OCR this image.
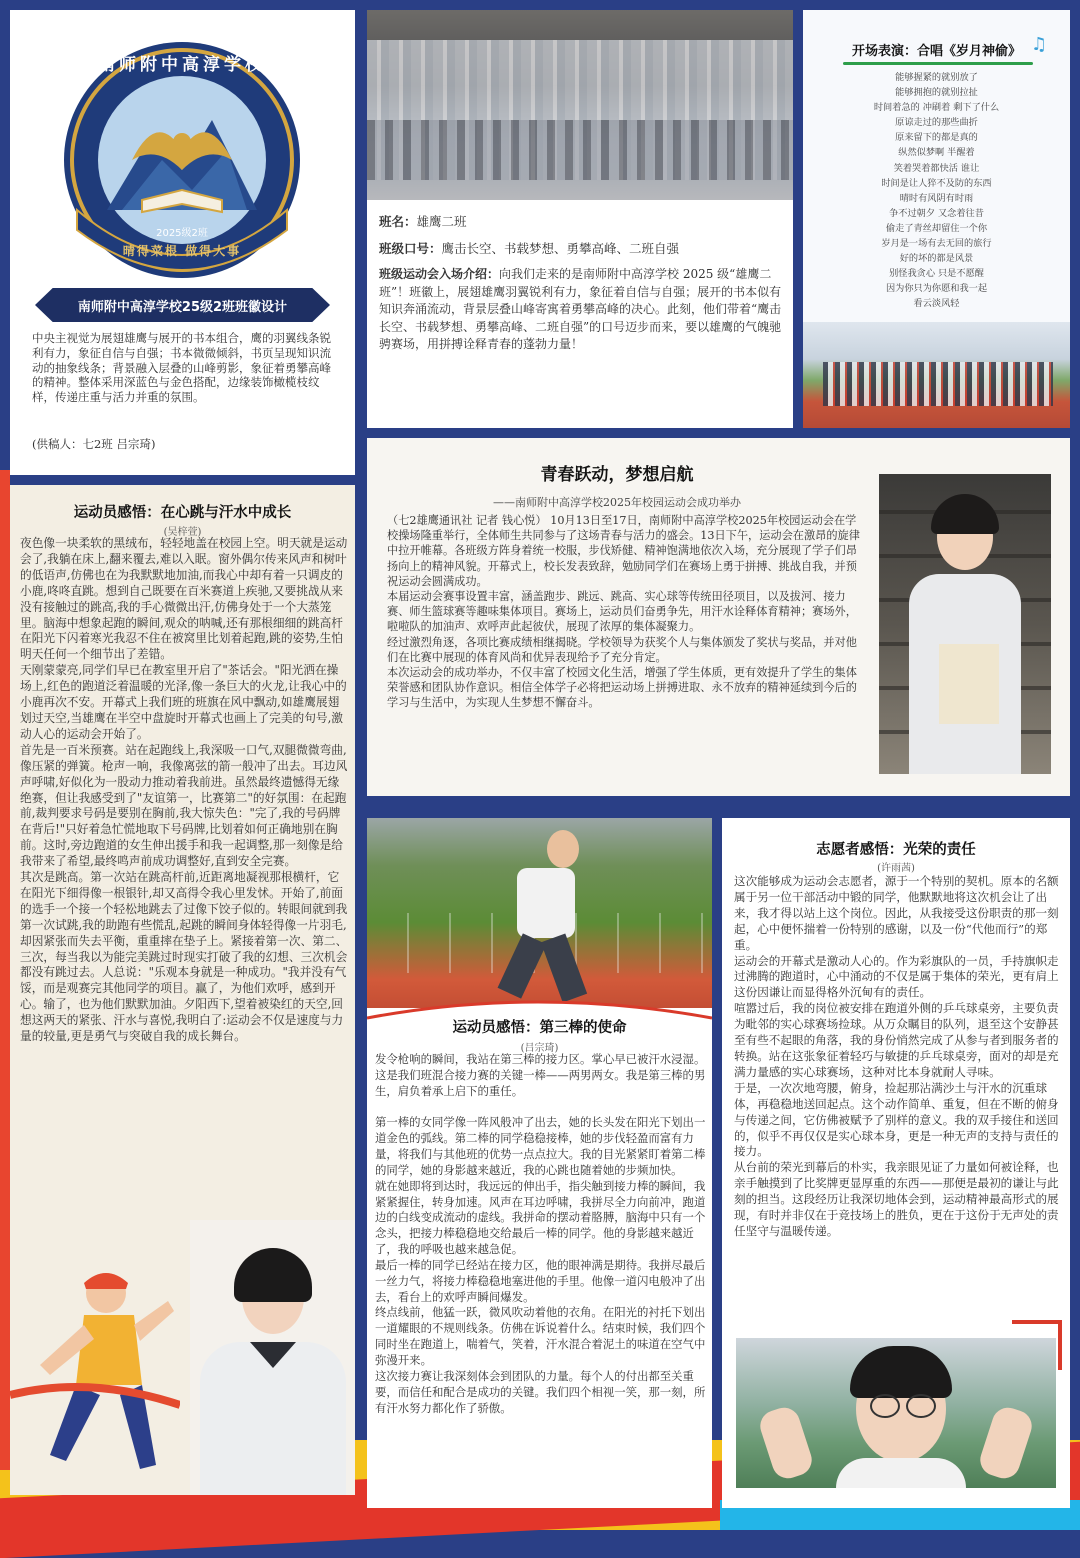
南师附中高淳学校
2025级2班
晴得菜根 做得大事
南师附中高淳学校25级2班班徽设计
中央主视觉为展翅雄鹰与展开的书本组合，鹰的羽翼线条锐利有力，象征自信与自强；书本微微倾斜，书页呈现知识流动的抽象线条；背景融入层叠的山峰剪影，象征着勇攀高峰的精神。整体采用深蓝色与金色搭配，边缘装饰橄榄枝纹样，传递庄重与活力并重的氛围。
(供稿人：七2班 吕宗琦)
班名：雄鹰二班
班级口号：鹰击长空、书载梦想、勇攀高峰、二班自强
班级运动会入场介绍：向我们走来的是南师附中高淳学校 2025 级“雄鹰二班”！班徽上，展翅雄鹰羽翼锐利有力，象征着自信与自强；展开的书本似有知识奔涌流动，背景层叠山峰寄寓着勇攀高峰的决心。此刻，他们带着“鹰击长空、书载梦想、勇攀高峰、二班自强”的口号迈步而来，要以雄鹰的气魄驰骋赛场，用拼搏诠释青春的蓬勃力量！
开场表演：合唱《岁月神偷》 ♫

能够握紧的就别放了

能够拥抱的就别拉扯

时间着急的 冲刷着 剩下了什么

原谅走过的那些曲折

原来留下的都是真的

纵然似梦啊 半醒着

笑着哭着都快活 谁让

时间是让人猝不及防的东西

晴时有风阴有时雨

争不过朝夕 又念着往昔

偷走了青丝却留住一个你

岁月是一场有去无回的旅行

好的坏的都是风景

别怪我贪心 只是不愿醒

因为你只为你愿和我一起

看云淡风轻

青春跃动，梦想启航
——南师附中高淳学校2025年校园运动会成功举办

（七2雄鹰通讯社 记者 钱心悦） 10月13日至17日，南师附中高淳学校2025年校园运动会在学校操场隆重举行，全体师生共同参与了这场青春与活力的盛会。13日下午，运动会在激昂的旋律中拉开帷幕。各班级方阵身着统一校服，步伐矫健、精神饱满地依次入场，充分展现了学子们昂扬向上的精神风貌。开幕式上，校长发表致辞，勉励同学们在赛场上勇于拼搏、挑战自我，并预祝运动会圆满成功。

本届运动会赛事设置丰富，涵盖跑步、跳远、跳高、实心球等传统田径项目，以及拔河、接力赛、师生篮球赛等趣味集体项目。赛场上，运动员们奋勇争先，用汗水诠释体育精神；赛场外，啦啦队的加油声、欢呼声此起彼伏，展现了浓厚的集体凝聚力。

经过激烈角逐，各项比赛成绩相继揭晓。学校领导为获奖个人与集体颁发了奖状与奖品，并对他们在比赛中展现的体育风尚和优异表现给予了充分肯定。

本次运动会的成功举办，不仅丰富了校园文化生活，增强了学生体质，更有效提升了学生的集体荣誉感和团队协作意识。相信全体学子必将把运动场上拼搏进取、永不放弃的精神延续到今后的学习与生活中，为实现人生梦想不懈奋斗。

运动员感悟：在心跳与汗水中成长
(吴梓萱)

夜色像一块柔软的黑绒布，轻轻地盖在校园上空。明天就是运动会了,我躺在床上,翻来覆去,难以入眠。窗外偶尔传来风声和树叶的低语声,仿佛也在为我默默地加油,而我心中却有着一只调皮的小鹿,咚咚直跳。想到自己既要在百米赛道上疾驰,又要挑战从来没有接触过的跳高,我的手心微微出汗,仿佛身处于一个大蒸笼里。脑海中想象起跑的瞬间,观众的呐喊,还有那根细细的跳高杆在阳光下闪着寒光我忍不住在被窝里比划着起跑,跳的姿势,生怕明天任何一个细节出了差错。

天刚蒙蒙亮,同学们早已在教室里开启了"茶话会。"阳光洒在操场上,红色的跑道泛着温暖的光泽,像一条巨大的火龙,让我心中的小鹿再次不安。开幕式上我们班的班旗在风中飘动,如雄鹰展翅划过天空,当雄鹰在半空中盘旋时开幕式也画上了完美的句号,激动人心的运动会开始了。

首先是一百米预赛。站在起跑线上,我深吸一口气,双腿微微弯曲,像压紧的弹簧。枪声一响，我像离弦的箭一般冲了出去。耳边风声呼啸,好似化为一股动力推动着我前进。虽然最终遗憾得无缘绝赛，但让我感受到了"友谊第一，比赛第二"的好氛围：在起跑前,裁判要求号码是要别在胸前,我大惊失色："完了,我的号码牌在背后!"只好着急忙慌地取下号码牌,比划着如何正确地别在胸前。这时,旁边跑道的女生伸出援手和我一起调整,那一刻像是给我带来了希望,最终鸣声前成功调整好,直到安全完赛。

其次是跳高。第一次站在跳高杆前,近距离地凝视那根横杆，它在阳光下细得像一根银针,却又高得令我心里发怵。开始了,前面的选手一个接一个轻松地跳去了过像下饺子似的。转眼间就到我第一次试跳,我的助跑有些慌乱,起跳的瞬间身体轻得像一片羽毛,却因紧张而失去平衡，重重摔在垫子上。紧接着第一次、第二、三次，每当我以为能完美跳过时现实打破了我的幻想、三次机会都没有跳过去。人总说："乐观本身就是一种成功。"我并没有气馁，而是观赛完其他同学的项目。赢了，为他们欢呼，感到开心。输了，也为他们默默加油。夕阳西下,望着被染红的天空,回想这两天的紧张、汗水与喜悦,我明白了:运动会不仅是速度与力量的较量,更是勇气与突破自我的成长舞台。

运动员感悟：第三棒的使命
(吕宗琦)

发令枪响的瞬间，我站在第三棒的接力区。掌心早已被汗水浸湿。这是我们班混合接力赛的关键一棒——两男两女。我是第三棒的男生，肩负着承上启下的重任。

第一棒的女同学像一阵风般冲了出去，她的长头发在阳光下划出一道金色的弧线。第二棒的同学稳稳接棒，她的步伐轻盈而富有力量，将我们与其他班的优势一点点拉大。我的目光紧紧盯着第二棒的同学，她的身影越来越近，我的心跳也随着她的步频加快。

就在她即将到达时，我远远的伸出手，指尖触到接力棒的瞬间，我紧紧握住，转身加速。风声在耳边呼啸，我拼尽全力向前冲，跑道边的白线变成流动的虚线。我拼命的摆动着胳膊，脑海中只有一个念头，把接力棒稳稳地交给最后一棒的同学。他的身影越来越近了，我的呼吸也越来越急促。

最后一棒的同学已经站在接力区，他的眼神满是期待。我拼尽最后一丝力气，将接力棒稳稳地塞进他的手里。他像一道闪电般冲了出去，看台上的欢呼声瞬间爆发。

终点线前，他猛一跃，微风吹动着他的衣角。在阳光的衬托下划出一道耀眼的不规则线条。仿佛在诉说着什么。结束时候，我们四个同时坐在跑道上，喘着气，笑着，汗水混合着泥土的味道在空气中弥漫开来。

这次接力赛让我深刻体会到团队的力量。每个人的付出都至关重要，而信任和配合是成功的关键。我们四个相视一笑，那一刻，所有汗水努力都化作了骄傲。

志愿者感悟：光荣的责任
(许雨茜)

这次能够成为运动会志愿者，源于一个特别的契机。原本的名额属于另一位干部活动中锻的同学，他默默地将这次机会让了出来，我才得以站上这个岗位。因此，从我接受这份职责的那一刻起，心中便怀揣着一份特别的感谢，以及一份“代他而行”的郑重。

运动会的开幕式是激动人心的。作为彩旗队的一员，手持旗帜走过沸腾的跑道时，心中涌动的不仅是属于集体的荣光，更有肩上这份因谦让而显得格外沉甸有的责任。

喧嚣过后，我的岗位被安排在跑道外侧的乒乓球桌旁，主要负责为毗邻的实心球赛场捡球。从万众瞩目的队列，退至这个安静甚至有些不起眼的角落，我的身份悄然完成了从参与者到服务者的转换。站在这张象征着轻巧与敏捷的乒乓球桌旁，面对的却是充满力量感的实心球赛场，这种对比本身就耐人寻味。

于是，一次次地弯腰，俯身，捡起那沾满沙土与汗水的沉重球体，再稳稳地送回起点。这个动作简单、重复，但在不断的俯身与传递之间，它仿佛被赋予了别样的意义。我的双手接住和送回的，似乎不再仅仅是实心球本身，更是一种无声的支持与责任的接力。

从台前的荣光到幕后的朴实，我亲眼见证了力量如何被诠释，也亲手触摸到了比奖牌更显厚重的东西——那便是最初的谦让与此刻的担当。这段经历让我深切地体会到，运动精神最高形式的展现，有时并非仅在于竞技场上的胜负，更在于这份于无声处的责任坚守与温暖传递。
